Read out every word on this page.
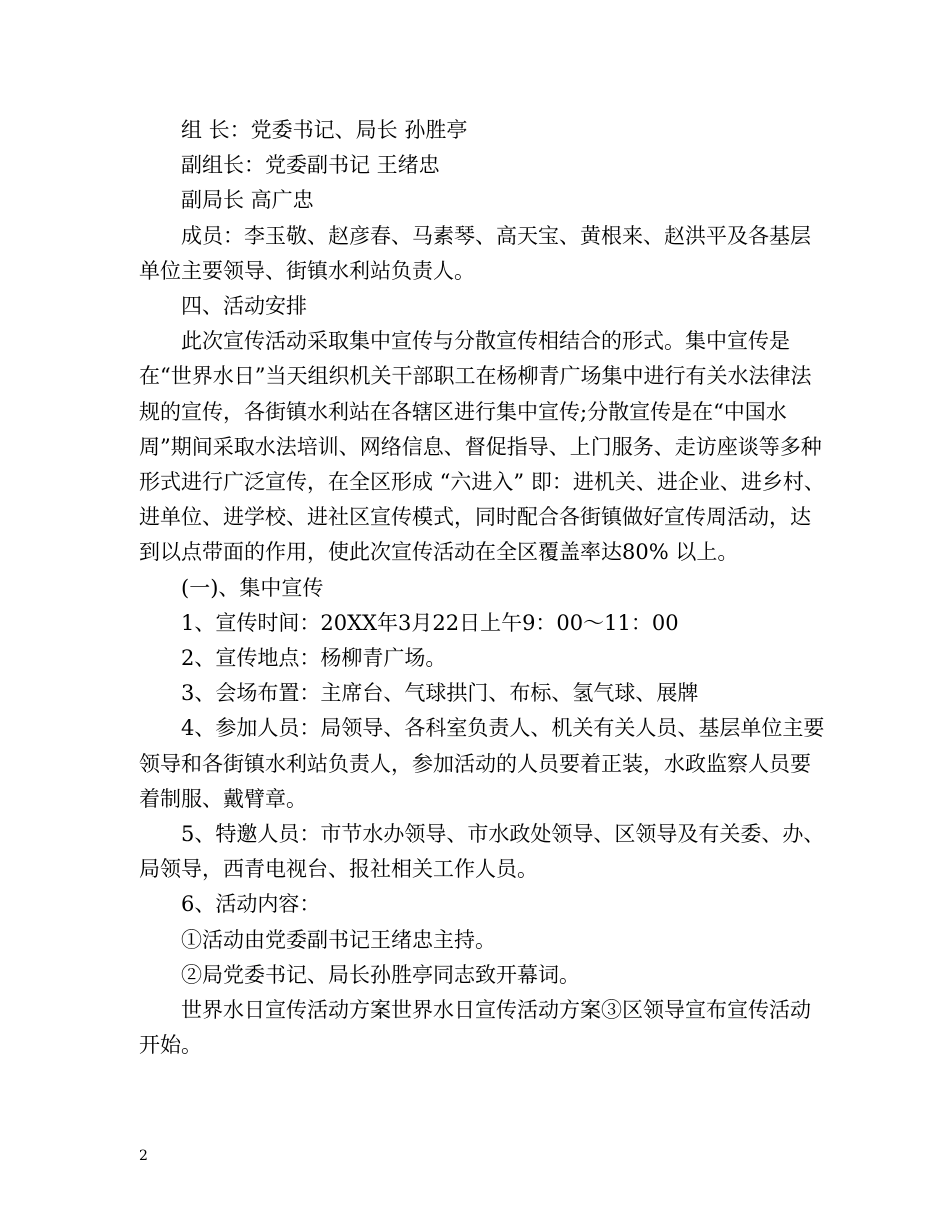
组 长：党委书记、局长 孙胜亭

副组长：党委副书记 王绪忠

副局长 高广忠

成员：李玉敬、赵彦春、马素琴、高天宝、黄根来、赵洪平及各基层单位主要领导、街镇水利站负责人。

四、活动安排

此次宣传活动采取集中宣传与分散宣传相结合的形式。集中宣传是在“世界水日”当天组织机关干部职工在杨柳青广场集中进行有关水法律法规的宣传，各街镇水利站在各辖区进行集中宣传;分散宣传是在“中国水周”期间采取水法培训、网络信息、督促指导、上门服务、走访座谈等多种形式进行广泛宣传，在全区形成 “六进入” 即：进机关、进企业、进乡村、进单位、进学校、进社区宣传模式，同时配合各街镇做好宣传周活动，达到以点带面的作用，使此次宣传活动在全区覆盖率达80% 以上。

(一)、集中宣传

1、宣传时间：20XX年3月22日上午9：00～11：00

2、宣传地点：杨柳青广场。

3、会场布置：主席台、气球拱门、布标、氢气球、展牌

4、参加人员：局领导、各科室负责人、机关有关人员、基层单位主要领导和各街镇水利站负责人，参加活动的人员要着正装，水政监察人员要着制服、戴臂章。

5、特邀人员：市节水办领导、市水政处领导、区领导及有关委、办、局领导，西青电视台、报社相关工作人员。

6、活动内容：

①活动由党委副书记王绪忠主持。

②局党委书记、局长孙胜亭同志致开幕词。

世界水日宣传活动方案世界水日宣传活动方案③区领导宣布宣传活动开始。

2
